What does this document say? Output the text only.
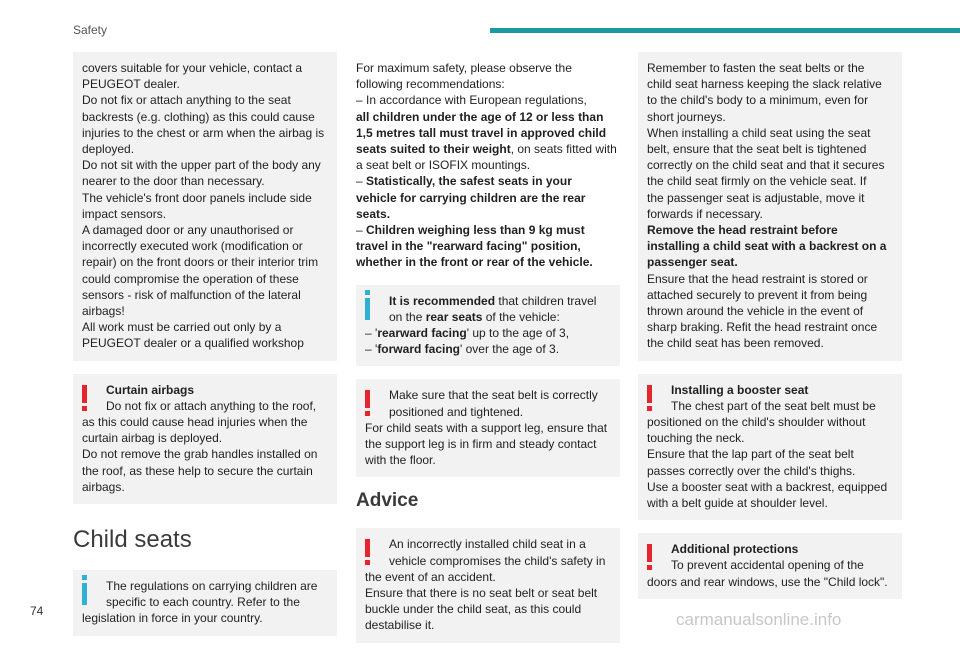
Safety
covers suitable for your vehicle, contact a
PEUGEOT dealer.
Do not fix or attach anything to the seat
backrests (e.g. clothing) as this could cause
injuries to the chest or arm when the airbag is
deployed.
Do not sit with the upper part of the body any
nearer to the door than necessary.
The vehicle's front door panels include side
impact sensors.
A damaged door or any unauthorised or
incorrectly executed work (modification or
repair) on the front doors or their interior trim
could compromise the operation of these
sensors - risk of malfunction of the lateral
airbags!
All work must be carried out only by a
PEUGEOT dealer or a qualified workshop
Curtain airbags
Do not fix or attach anything to the roof,
as this could cause head injuries when the
curtain airbag is deployed.
Do not remove the grab handles installed on
the roof, as these help to secure the curtain
airbags.
Child seats
The regulations on carrying children are
specific to each country. Refer to the
legislation in force in your country.
For maximum safety, please observe the
following recommendations:
– In accordance with European regulations,
all children under the age of 12 or less than
1,5 metres tall must travel in approved child
seats suited to their weight, on seats fitted with
a seat belt or ISOFIX mountings.
– Statistically, the safest seats in your
vehicle for carrying children are the rear
seats.
– Children weighing less than 9 kg must
travel in the "rearward facing" position,
whether in the front or rear of the vehicle.
It is recommended that children travel
on the rear seats of the vehicle:
– 'rearward facing' up to the age of 3,
– 'forward facing' over the age of 3.
Make sure that the seat belt is correctly
positioned and tightened.
For child seats with a support leg, ensure that
the support leg is in firm and steady contact
with the floor.
Advice
An incorrectly installed child seat in a
vehicle compromises the child's safety in
the event of an accident.
Ensure that there is no seat belt or seat belt
buckle under the child seat, as this could
destabilise it.
Remember to fasten the seat belts or the
child seat harness keeping the slack relative
to the child's body to a minimum, even for
short journeys.
When installing a child seat using the seat
belt, ensure that the seat belt is tightened
correctly on the child seat and that it secures
the child seat firmly on the vehicle seat. If
the passenger seat is adjustable, move it
forwards if necessary.
Remove the head restraint before
installing a child seat with a backrest on a
passenger seat.
Ensure that the head restraint is stored or
attached securely to prevent it from being
thrown around the vehicle in the event of
sharp braking. Refit the head restraint once
the child seat has been removed.
Installing a booster seat
The chest part of the seat belt must be
positioned on the child's shoulder without
touching the neck.
Ensure that the lap part of the seat belt
passes correctly over the child's thighs.
Use a booster seat with a backrest, equipped
with a belt guide at shoulder level.
Additional protections
To prevent accidental opening of the
doors and rear windows, use the "Child lock".
74	carmanualsonline.info
